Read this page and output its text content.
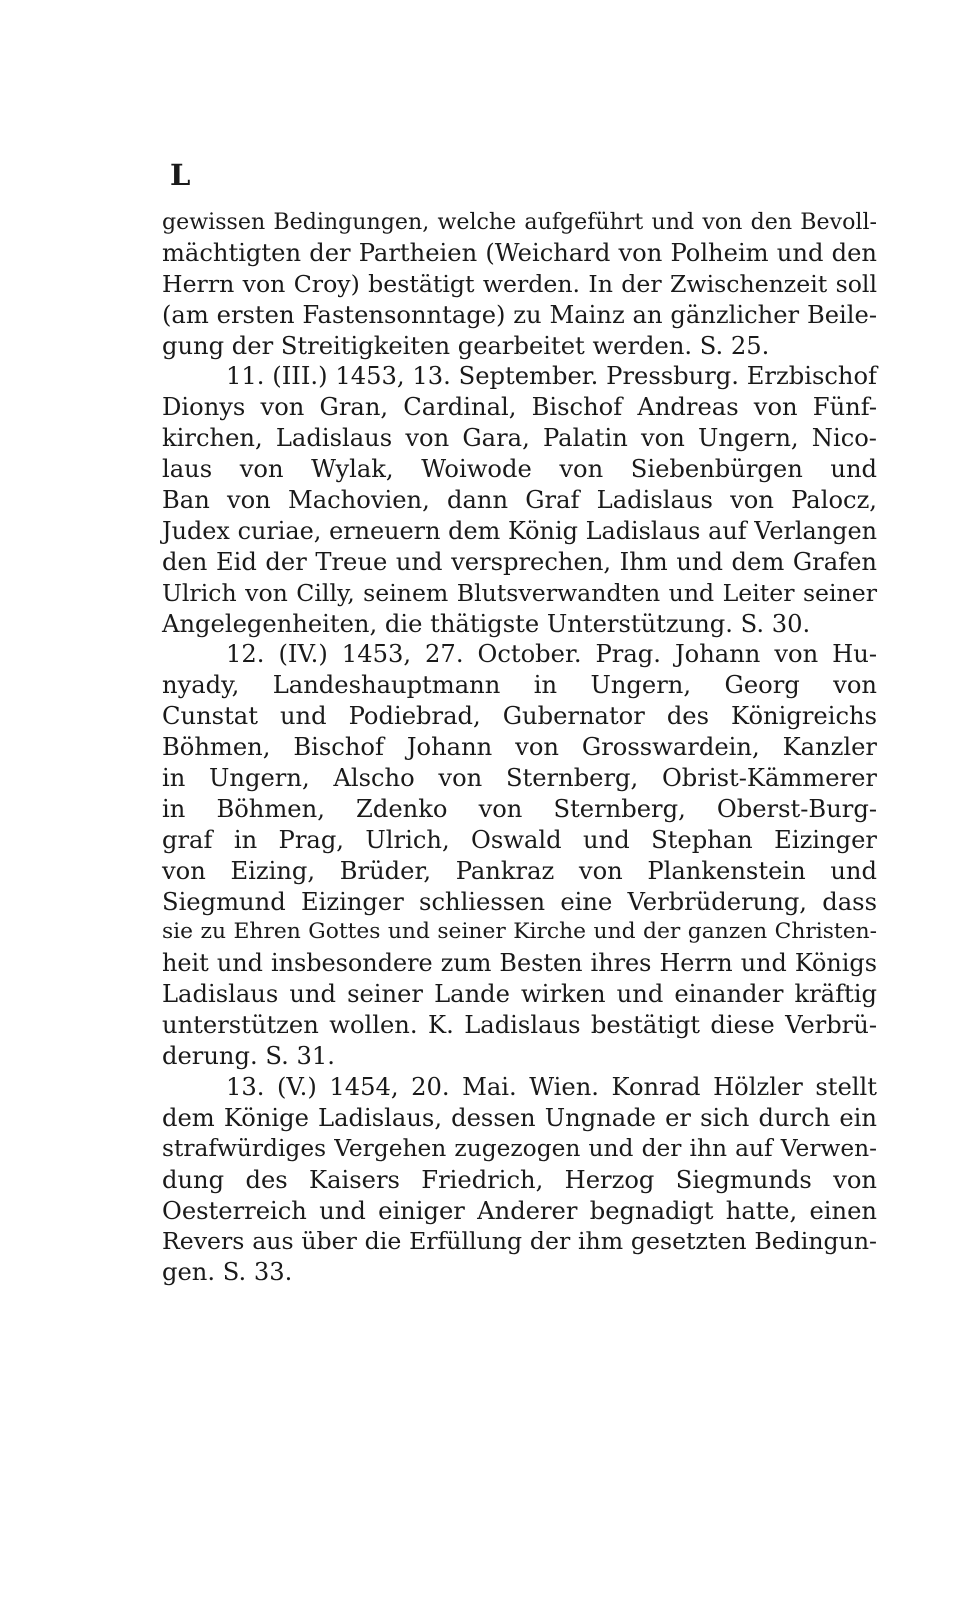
L
gewissen Bedingungen, welche aufgeführt und von den Bevoll-
mächtigten der Partheien (Weichard von Polheim und den
Herrn von Croy) bestätigt werden. In der Zwischenzeit soll
(am ersten Fastensonntage) zu Mainz an gänzlicher Beile-
gung der Streitigkeiten gearbeitet werden. S. 25.
11. (III.) 1453, 13. September. Pressburg. Erzbischof
Dionys von Gran, Cardinal, Bischof Andreas von Fünf-
kirchen, Ladislaus von Gara, Palatin von Ungern, Nico-
laus von Wylak, Woiwode von Siebenbürgen und
Ban von Machovien, dann Graf Ladislaus von Palocz,
Judex curiae, erneuern dem König Ladislaus auf Verlangen
den Eid der Treue und versprechen, Ihm und dem Grafen
Ulrich von Cilly, seinem Blutsverwandten und Leiter seiner
Angelegenheiten, die thätigste Unterstützung. S. 30.
12. (IV.) 1453, 27. October. Prag. Johann von Hu-
nyady, Landeshauptmann in Ungern, Georg von
Cunstat und Podiebrad, Gubernator des Königreichs
Böhmen, Bischof Johann von Grosswardein, Kanzler
in Ungern, Alscho von Sternberg, Obrist-Kämmerer
in Böhmen, Zdenko von Sternberg, Oberst-Burg-
graf in Prag, Ulrich, Oswald und Stephan Eizinger
von Eizing, Brüder, Pankraz von Plankenstein und
Siegmund Eizinger schliessen eine Verbrüderung, dass
sie zu Ehren Gottes und seiner Kirche und der ganzen Christen-
heit und insbesondere zum Besten ihres Herrn und Königs
Ladislaus und seiner Lande wirken und einander kräftig
unterstützen wollen. K. Ladislaus bestätigt diese Verbrü-
derung. S. 31.
13. (V.) 1454, 20. Mai. Wien. Konrad Hölzler stellt
dem Könige Ladislaus, dessen Ungnade er sich durch ein
strafwürdiges Vergehen zugezogen und der ihn auf Verwen-
dung des Kaisers Friedrich, Herzog Siegmunds von
Oesterreich und einiger Anderer begnadigt hatte, einen
Revers aus über die Erfüllung der ihm gesetzten Bedingun-
gen. S. 33.
